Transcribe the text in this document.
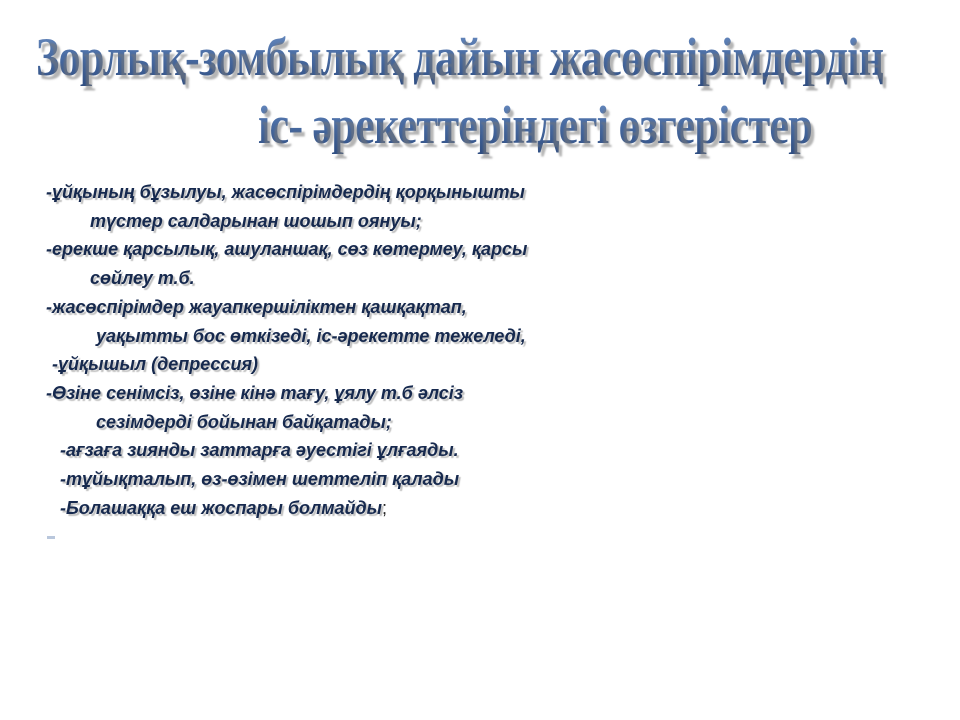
Зорлық-зомбылық дайын жасөспірімдердің
іс- әрекеттеріндегі өзгерістер
-ұйқының бұзылуы, жасөспірімдердің қорқынышты
түстер салдарынан шошып оянуы;
-ерекше қарсылық, ашуланшақ, сөз көтермеу, қарсы
сөйлеу т.б.
-жасөспірімдер жауапкершіліктен қашқақтап,
уақытты бос өткізеді, іс-әрекетте тежеледі,
-ұйқышыл (депрессия)
-Өзіне сенімсіз, өзіне кінә тағу, ұялу т.б әлсіз
сезімдерді бойынан байқатады;
-ағзаға зиянды заттарға әуестігі ұлғаяды.
-тұйықталып, өз-өзімен шеттеліп қалады
-Болашаққа еш жоспары болмайды;
